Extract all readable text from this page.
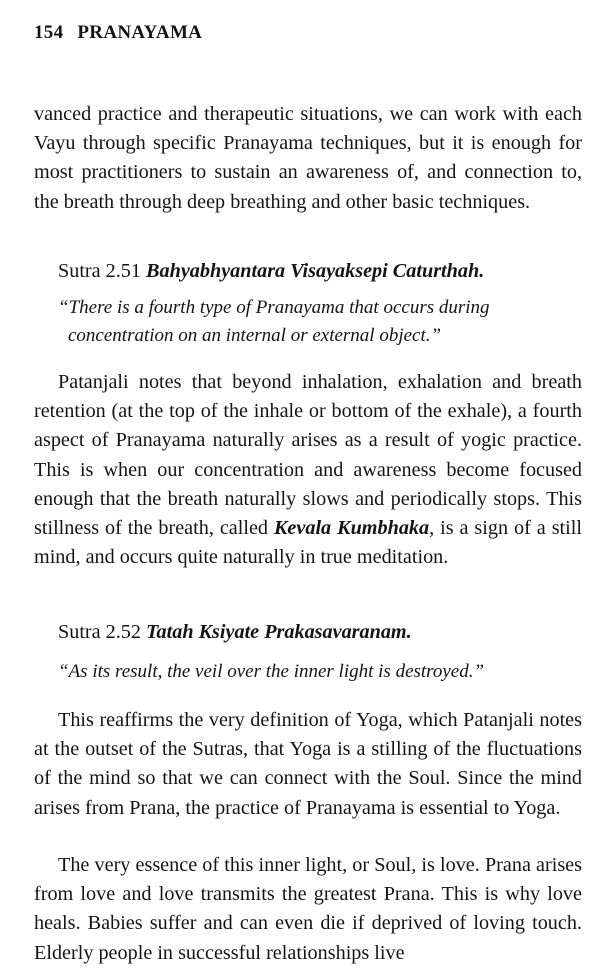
154 PRANAYAMA

vanced practice and therapeutic situations, we can work with each Vayu through specific Pranayama techniques, but it is enough for most practitioners to sustain an awareness of, and connection to, the breath through deep breathing and other basic techniques.

Sutra 2.51 Bahyabhyantara Visayaksepi Caturthah.
“There is a fourth type of Pranayama that occurs during
concentration on an internal or external object.”

Patanjali notes that beyond inhalation, exhalation and breath retention (at the top of the inhale or bottom of the exhale), a fourth aspect of Pranayama naturally arises as a result of yogic practice. This is when our concentration and awareness become focused enough that the breath naturally slows and periodically stops. This stillness of the breath, called Kevala Kumbhaka, is a sign of a still mind, and occurs quite naturally in true meditation.

Sutra 2.52 Tatah Ksiyate Prakasavaranam.
“As its result, the veil over the inner light is destroyed.”

This reaffirms the very definition of Yoga, which Patanjali notes at the outset of the Sutras, that Yoga is a stilling of the fluctuations of the mind so that we can connect with the Soul. Since the mind arises from Prana, the practice of Pranayama is essential to Yoga.

The very essence of this inner light, or Soul, is love. Prana arises from love and love transmits the greatest Prana. This is why love heals. Babies suffer and can even die if deprived of loving touch. Elderly people in successful relationships live
